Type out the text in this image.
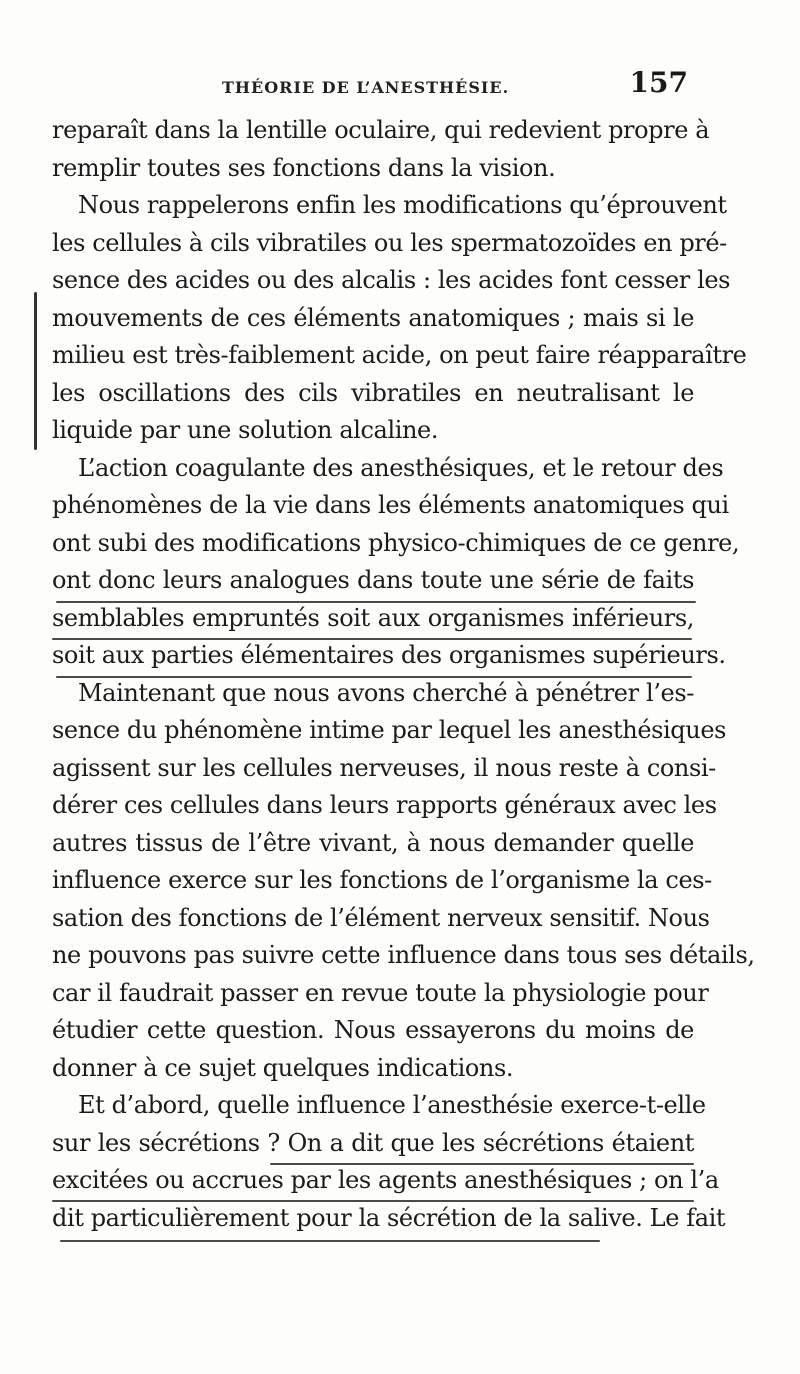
THÉORIE DE L’ANESTHÉSIE.	157
reparaît dans la lentille oculaire, qui redevient propre à
remplir toutes ses fonctions dans la vision.
Nous rappelerons enfin les modifications qu’éprouvent
les cellules à cils vibratiles ou les spermatozoïdes en pré-
sence des acides ou des alcalis : les acides font cesser les
mouvements de ces éléments anatomiques ; mais si le
milieu est très-faiblement acide, on peut faire réapparaître
les oscillations des cils vibratiles en neutralisant le
liquide par une solution alcaline.
L’action coagulante des anesthésiques, et le retour des
phénomènes de la vie dans les éléments anatomiques qui
ont subi des modifications physico-chimiques de ce genre,
ont donc leurs analogues dans toute une série de faits
semblables empruntés soit aux organismes inférieurs,
soit aux parties élémentaires des organismes supérieurs.
Maintenant que nous avons cherché à pénétrer l’es-
sence du phénomène intime par lequel les anesthésiques
agissent sur les cellules nerveuses, il nous reste à consi-
dérer ces cellules dans leurs rapports généraux avec les
autres tissus de l’être vivant, à nous demander quelle
influence exerce sur les fonctions de l’organisme la ces-
sation des fonctions de l’élément nerveux sensitif. Nous
ne pouvons pas suivre cette influence dans tous ses détails,
car il faudrait passer en revue toute la physiologie pour
étudier cette question. Nous essayerons du moins de
donner à ce sujet quelques indications.
Et d’abord, quelle influence l’anesthésie exerce-t-elle
sur les sécrétions ? On a dit que les sécrétions étaient
excitées ou accrues par les agents anesthésiques ; on l’a
dit particulièrement pour la sécrétion de la salive. Le fait
